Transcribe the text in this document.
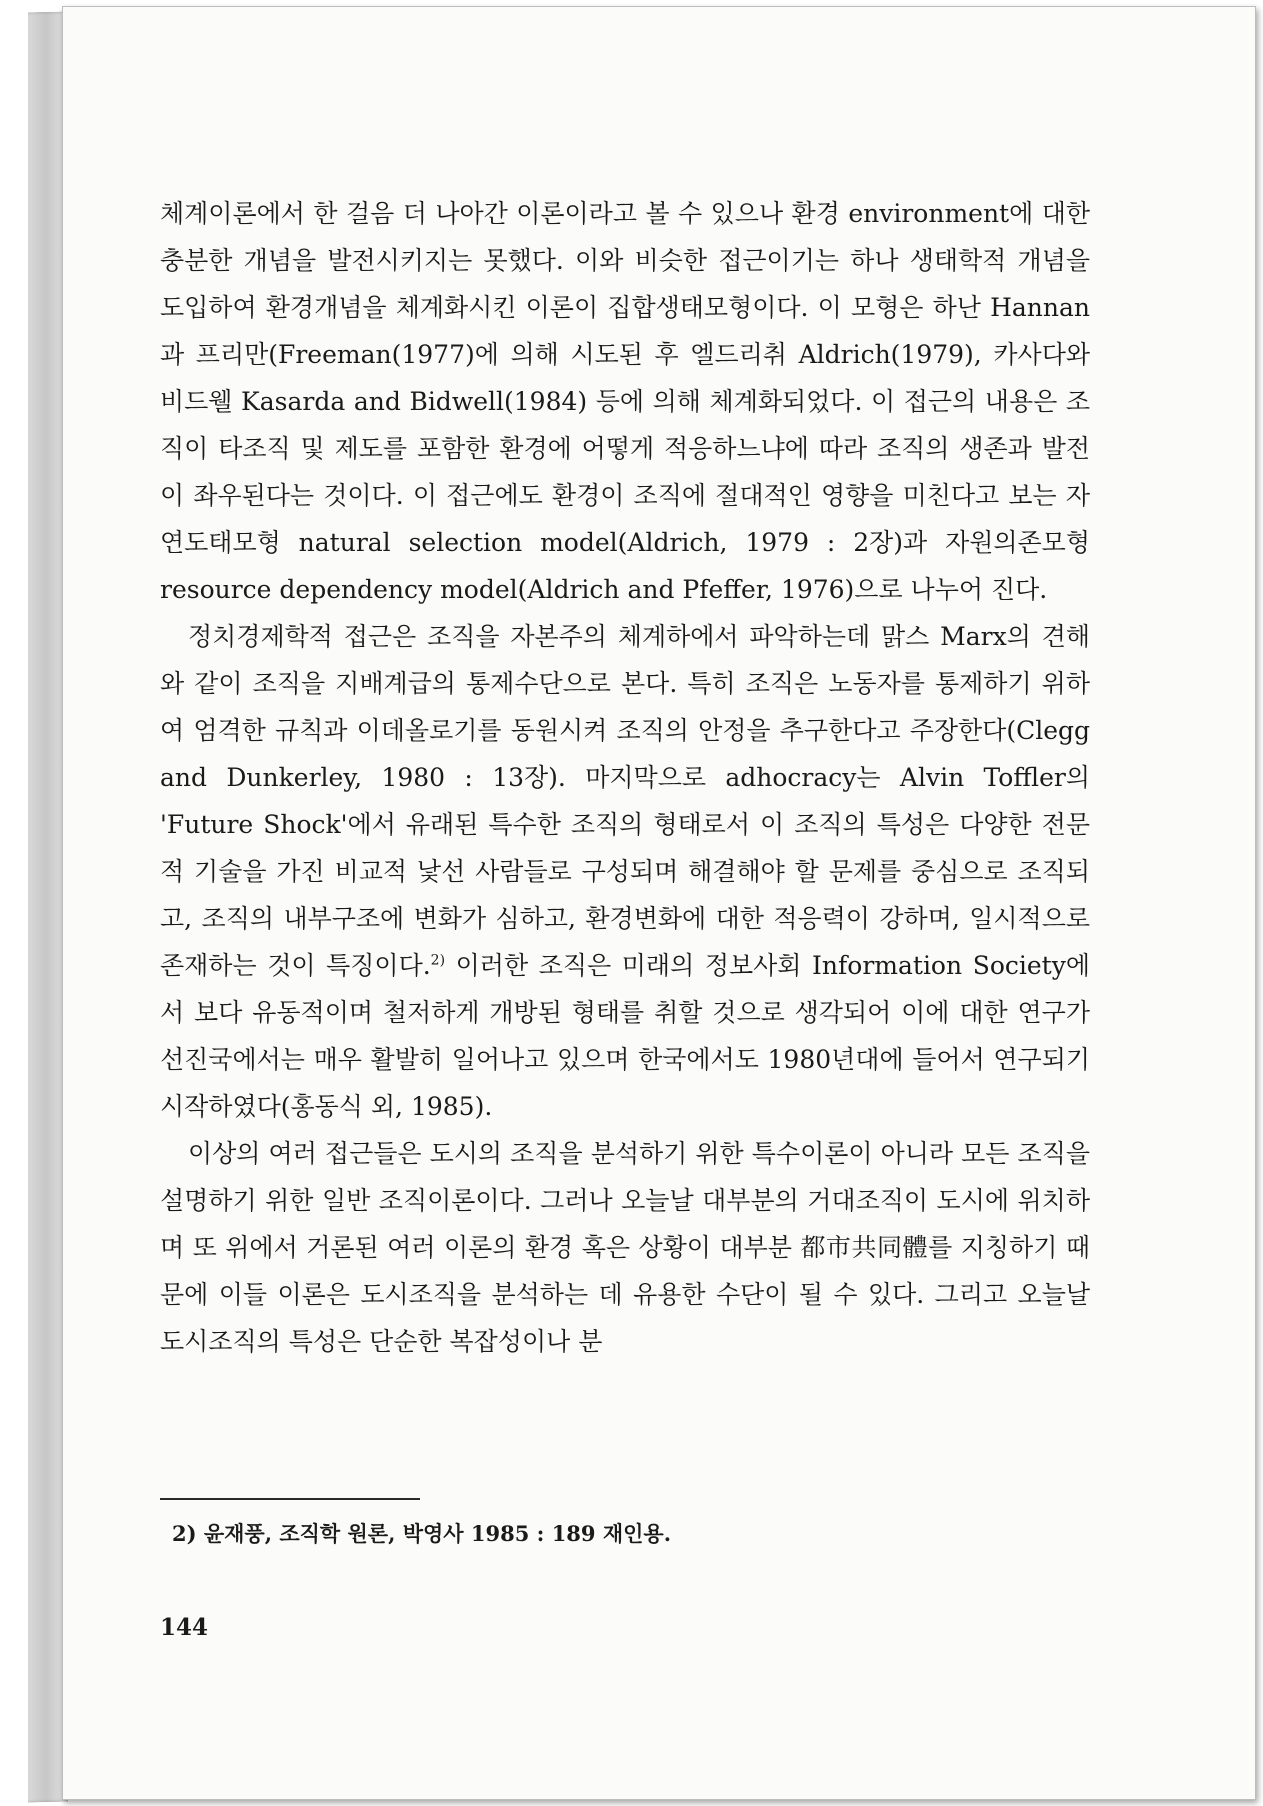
체계이론에서 한 걸음 더 나아간 이론이라고 볼 수 있으나 환경 environment에 대한 충분한 개념을 발전시키지는 못했다. 이와 비슷한 접근이기는 하나 생태학적 개념을 도입하여 환경개념을 체계화시킨 이론이 집합생태모형이다. 이 모형은 하난 Hannan과 프리만(Freeman(1977)에 의해 시도된 후 엘드리취 Aldrich(1979), 카사다와 비드웰 Kasarda and Bidwell(1984) 등에 의해 체계화되었다. 이 접근의 내용은 조직이 타조직 및 제도를 포함한 환경에 어떻게 적응하느냐에 따라 조직의 생존과 발전이 좌우된다는 것이다. 이 접근에도 환경이 조직에 절대적인 영향을 미친다고 보는 자연도태모형 natural selection model(Aldrich, 1979 : 2장)과 자원의존모형 resource dependency model(Aldrich and Pfeffer, 1976)으로 나누어 진다.

정치경제학적 접근은 조직을 자본주의 체계하에서 파악하는데 맑스 Marx의 견해와 같이 조직을 지배계급의 통제수단으로 본다. 특히 조직은 노동자를 통제하기 위하여 엄격한 규칙과 이데올로기를 동원시켜 조직의 안정을 추구한다고 주장한다(Clegg and Dunkerley, 1980 : 13장). 마지막으로 adhocracy는 Alvin Toffler의 'Future Shock'에서 유래된 특수한 조직의 형태로서 이 조직의 특성은 다양한 전문적 기술을 가진 비교적 낯선 사람들로 구성되며 해결해야 할 문제를 중심으로 조직되고, 조직의 내부구조에 변화가 심하고, 환경변화에 대한 적응력이 강하며, 일시적으로 존재하는 것이 특징이다.$^{2)}$ 이러한 조직은 미래의 정보사회 Information Society에서 보다 유동적이며 철저하게 개방된 형태를 취할 것으로 생각되어 이에 대한 연구가 선진국에서는 매우 활발히 일어나고 있으며 한국에서도 1980년대에 들어서 연구되기 시작하였다(홍동식 외, 1985).

이상의 여러 접근들은 도시의 조직을 분석하기 위한 특수이론이 아니라 모든 조직을 설명하기 위한 일반 조직이론이다. 그러나 오늘날 대부분의 거대조직이 도시에 위치하며 또 위에서 거론된 여러 이론의 환경 혹은 상황이 대부분 都市共同體를 지칭하기 때문에 이들 이론은 도시조직을 분석하는 데 유용한 수단이 될 수 있다. 그리고 오늘날 도시조직의 특성은 단순한 복잡성이나 분

2) 윤재풍, 조직학 원론, 박영사 1985 : 189 재인용.
144
